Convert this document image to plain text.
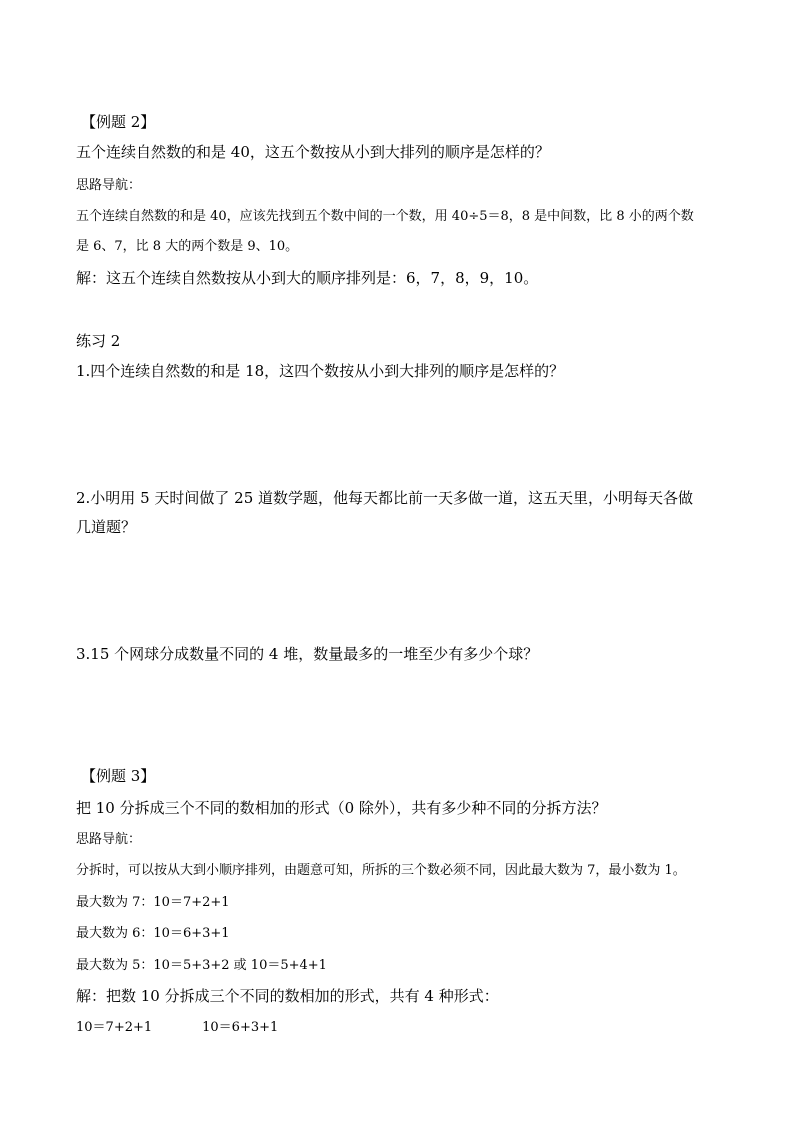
【例题 2】
五个连续自然数的和是 40，这五个数按从小到大排列的顺序是怎样的？
思路导航：
五个连续自然数的和是 40，应该先找到五个数中间的一个数，用 40÷5＝8，8 是中间数，比 8 小的两个数
是 6、7，比 8 大的两个数是 9、10。
解：这五个连续自然数按从小到大的顺序排列是：6，7，8，9，10。
练习 2
1.四个连续自然数的和是 18，这四个数按从小到大排列的顺序是怎样的？
2.小明用 5 天时间做了 25 道数学题，他每天都比前一天多做一道，这五天里，小明每天各做
几道题？
3.15 个网球分成数量不同的 4 堆，数量最多的一堆至少有多少个球？
【例题 3】
把 10 分拆成三个不同的数相加的形式（0 除外），共有多少种不同的分拆方法？
思路导航：
分拆时，可以按从大到小顺序排列，由题意可知，所拆的三个数必须不同，因此最大数为 7，最小数为 1。
最大数为 7：10＝7+2+1
最大数为 6：10＝6+3+1
最大数为 5：10＝5+3+2 或 10＝5+4+1
解：把数 10 分拆成三个不同的数相加的形式，共有 4 种形式：
10＝7+2+1	10＝6+3+1
